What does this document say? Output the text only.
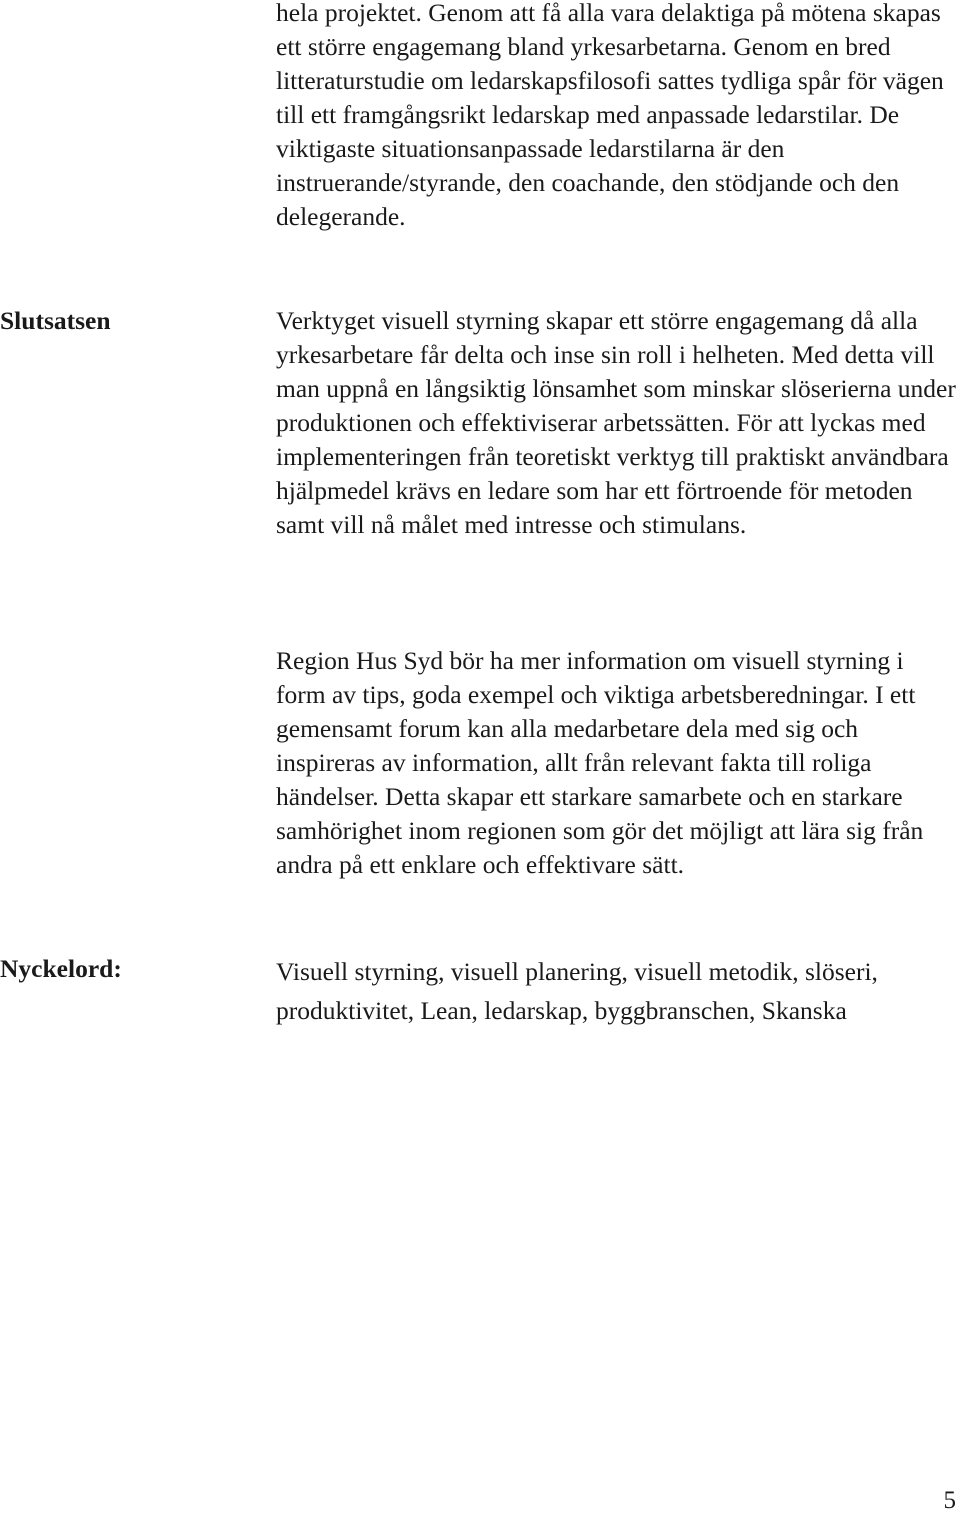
hela projektet. Genom att få alla vara delaktiga på mötena skapas ett större engagemang bland yrkesarbetarna. Genom en bred litteraturstudie om ledarskapsfilosofi sattes tydliga spår för vägen till ett framgångsrikt ledarskap med anpassade ledarstilar. De viktigaste situationsanpassade ledarstilarna är den instruerande/styrande, den coachande, den stödjande och den delegerande.

Slutsatsen	Verktyget visuell styrning skapar ett större engagemang då alla yrkesarbetare får delta och inse sin roll i helheten. Med detta vill man uppnå en långsiktig lönsamhet som minskar slöserierna under produktionen och effektiviserar arbetssätten. För att lyckas med implementeringen från teoretiskt verktyg till praktiskt användbara hjälpmedel krävs en ledare som har ett förtroende för metoden samt vill nå målet med intresse och stimulans.

Region Hus Syd bör ha mer information om visuell styrning i form av tips, goda exempel och viktiga arbetsberedningar. I ett gemensamt forum kan alla medarbetare dela med sig och inspireras av information, allt från relevant fakta till roliga händelser. Detta skapar ett starkare samarbete och en starkare samhörighet inom regionen som gör det möjligt att lära sig från andra på ett enklare och effektivare sätt.

Nyckelord:	Visuell styrning, visuell planering, visuell metodik, slöseri, produktivitet, Lean, ledarskap, byggbranschen, Skanska

5
